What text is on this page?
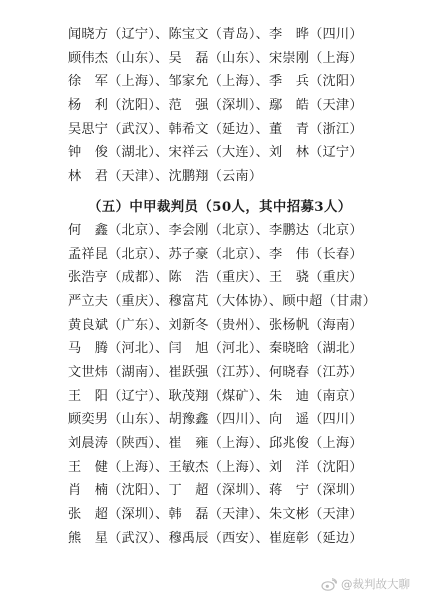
闻晓方（辽宁）、陈宝文（青岛）、李　晔（四川）
顾伟杰（山东）、吴　磊（山东）、宋崇刚（上海）
徐　军（上海）、邹家允（上海）、季　兵（沈阳）
杨　利（沈阳）、范　强（深圳）、鄢　皓（天津）
吴思宁（武汉）、韩希文（延边）、董　青（浙江）
钟　俊（湖北）、宋祥云（大连）、刘　林（辽宁）
林　君（天津）、沈鹏翔（云南）
（五）中甲裁判员（50人，其中招募3人）
何　鑫（北京）、李会刚（北京）、李鹏达（北京）
孟祥昆（北京）、苏子豪（北京）、李　伟（长春）
张浩亨（成都）、陈　浩（重庆）、王　骁（重庆）
严立夫（重庆）、穆富芃（大体协）、顾中超（甘肃）
黄良斌（广东）、刘新冬（贵州）、张杨帆（海南）
马　腾（河北）、闫　旭（河北）、秦晓晗（湖北）
文世炜（湖南）、崔跃强（江苏）、何晓春（江苏）
王　阳（辽宁）、耿茂翔（煤矿）、朱　迪（南京）
顾奕男（山东）、胡豫鑫（四川）、向　遥（四川）
刘晨涛（陕西）、崔　雍（上海）、邱兆俊（上海）
王　健（上海）、王敏杰（上海）、刘　洋（沈阳）
肖　楠（沈阳）、丁　超（深圳）、蒋　宁（深圳）
张　超（深圳）、韩　磊（天津）、朱文彬（天津）
熊　星（武汉）、穆禹辰（西安）、崔庭彰（延边）
@裁判故大聊
